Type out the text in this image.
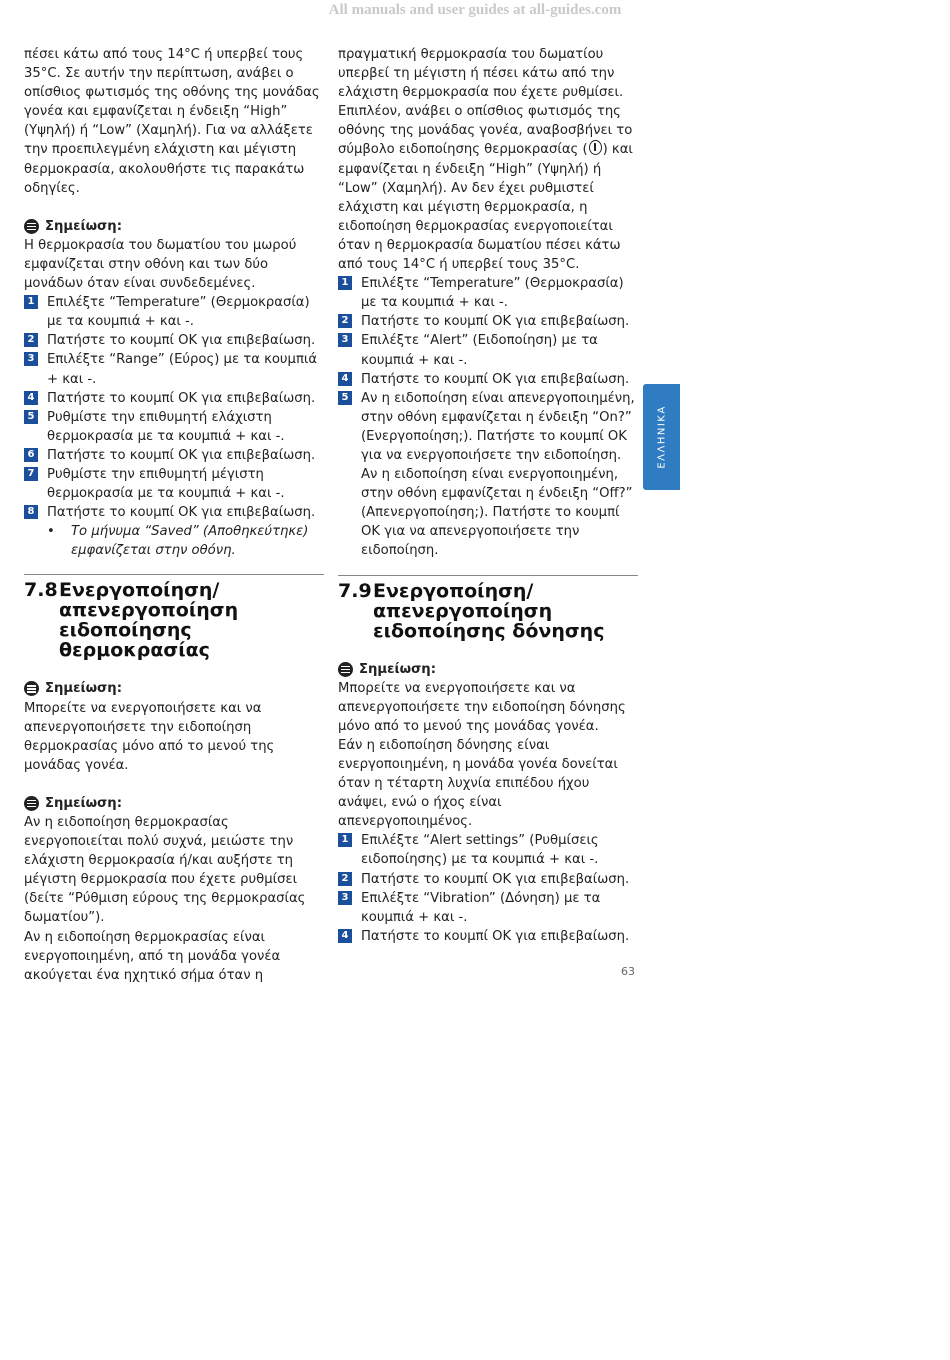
All manuals and user guides at all-guides.com

πέσει κάτω από τους 14°C ή υπερβεί τους 35°C. Σε αυτήν την περίπτωση, ανάβει ο οπίσθιος φωτισμός της οθόνης της μονάδας γονέα και εμφανίζεται η ένδειξη “High” (Υψηλή) ή “Low” (Χαμηλή). Για να αλλάξετε την προεπιλεγμένη ελάχιστη και μέγιστη θερμοκρασία, ακολουθήστε τις παρακάτω οδηγίες.

Σημείωση:

Η θερμοκρασία του δωματίου του μωρού εμφανίζεται στην οθόνη και των δύο μονάδων όταν είναι συνδεδεμένες.

1 Επιλέξτε “Temperature” (Θερμοκρασία) με τα κουμπιά + και -.
2 Πατήστε το κουμπί OK για επιβεβαίωση.
3 Επιλέξτε “Range” (Εύρος) με τα κουμπιά + και -.
4 Πατήστε το κουμπί OK για επιβεβαίωση.
5 Ρυθμίστε την επιθυμητή ελάχιστη θερμοκρασία με τα κουμπιά + και -.
6 Πατήστε το κουμπί OK για επιβεβαίωση.
7 Ρυθμίστε την επιθυμητή μέγιστη θερμοκρασία με τα κουμπιά + και -.
8 Πατήστε το κουμπί OK για επιβεβαίωση.
•	Το μήνυμα “Saved” (Αποθηκεύτηκε) εμφανίζεται στην οθόνη.
7.8 Ενεργοποίηση/ απενεργοποίηση ειδοποίησης θερμοκρασίας
Σημείωση:

Μπορείτε να ενεργοποιήσετε και να απενεργοποιήσετε την ειδοποίηση θερμοκρασίας μόνο από το μενού της μονάδας γονέα.

Σημείωση:

Αν η ειδοποίηση θερμοκρασίας ενεργοποιείται πολύ συχνά, μειώστε την ελάχιστη θερμοκρασία ή/και αυξήστε τη μέγιστη θερμοκρασία που έχετε ρυθμίσει (δείτε “Ρύθμιση εύρους της θερμοκρασίας δωματίου”).

Αν η ειδοποίηση θερμοκρασίας είναι ενεργοποιημένη, από τη μονάδα γονέα ακούγεται ένα ηχητικό σήμα όταν η

πραγματική θερμοκρασία του δωματίου υπερβεί τη μέγιστη ή πέσει κάτω από την ελάχιστη θερμοκρασία που έχετε ρυθμίσει. Επιπλέον, ανάβει ο οπίσθιος φωτισμός της οθόνης της μονάδας γονέα, αναβοσβήνει το σύμβολο ειδοποίησης θερμοκρασίας ( ) και εμφανίζεται η ένδειξη “High” (Υψηλή) ή “Low” (Χαμηλή). Αν δεν έχει ρυθμιστεί ελάχιστη και μέγιστη θερμοκρασία, η ειδοποίηση θερμοκρασίας ενεργοποιείται όταν η θερμοκρασία δωματίου πέσει κάτω από τους 14°C ή υπερβεί τους 35°C.

1 Επιλέξτε “Temperature” (Θερμοκρασία) με τα κουμπιά + και -.
2 Πατήστε το κουμπί OK για επιβεβαίωση.
3 Επιλέξτε “Alert” (Ειδοποίηση) με τα κουμπιά + και -.
4 Πατήστε το κουμπί OK για επιβεβαίωση.
5 Αν η ειδοποίηση είναι απενεργοποιημένη, στην οθόνη εμφανίζεται η ένδειξη “On?” (Ενεργοποίηση;). Πατήστε το κουμπί OK για να ενεργοποιήσετε την ειδοποίηση. Αν η ειδοποίηση είναι ενεργοποιημένη, στην οθόνη εμφανίζεται η ένδειξη “Off?” (Απενεργοποίηση;). Πατήστε το κουμπί OK για να απενεργοποιήσετε την ειδοποίηση.
7.9 Ενεργοποίηση/ απενεργοποίηση ειδοποίησης δόνησης
Σημείωση:

Μπορείτε να ενεργοποιήσετε και να απενεργοποιήσετε την ειδοποίηση δόνησης μόνο από το μενού της μονάδας γονέα.

Εάν η ειδοποίηση δόνησης είναι ενεργοποιημένη, η μονάδα γονέα δονείται όταν η τέταρτη λυχνία επιπέδου ήχου ανάψει, ενώ ο ήχος είναι απενεργοποιημένος.

1 Επιλέξτε “Alert settings” (Ρυθμίσεις ειδοποίησης) με τα κουμπιά + και -.
2 Πατήστε το κουμπί OK για επιβεβαίωση.
3 Επιλέξτε “Vibration” (Δόνηση) με τα κουμπιά + και -.
4 Πατήστε το κουμπί OK για επιβεβαίωση.
ΕΛΛΗΝΙΚΑ
63
